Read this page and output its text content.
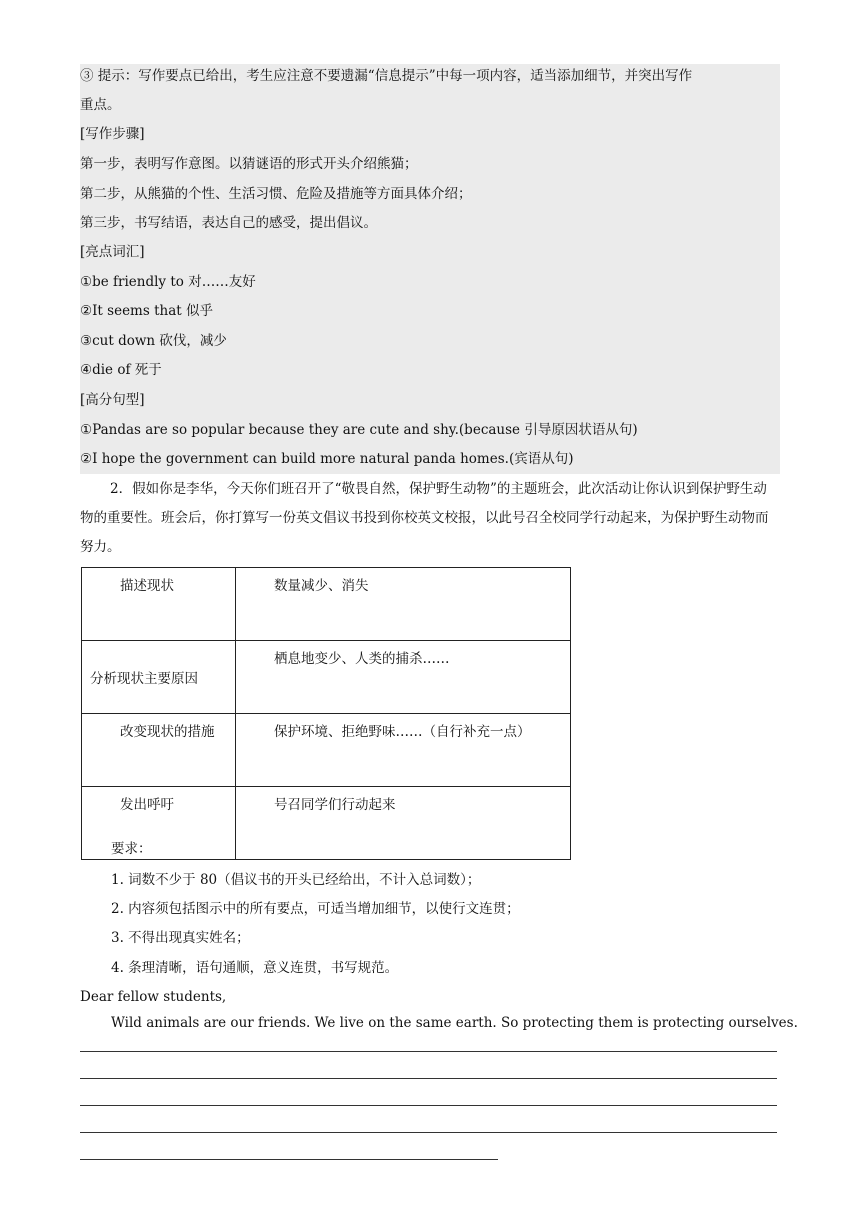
③ 提示：写作要点已给出，考生应注意不要遗漏“信息提示”中每一项内容，适当添加细节，并突出写作
重点。
[写作步骤]
第一步，表明写作意图。以猜谜语的形式开头介绍熊猫；
第二步，从熊猫的个性、生活习惯、危险及措施等方面具体介绍；
第三步，书写结语，表达自己的感受，提出倡议。
[亮点词汇]
①be friendly to 对……友好
②It seems that 似乎
③cut down 砍伐，减少
④die of 死于
[高分句型]
①Pandas are so popular because they are cute and shy.(because 引导原因状语从句)
②I hope the government can build more natural panda homes.(宾语从句)
2．假如你是李华，今天你们班召开了“敬畏自然，保护野生动物”的主题班会，此次活动让你认识到保护野生动物的重要性。班会后，你打算写一份英文倡议书投到你校英文校报，以此号召全校同学行动起来，为保护野生动物而努力。
描述现状	数量减少、消失
分析现状主要原因	栖息地变少、人类的捕杀……
改变现状的措施	保护环境、拒绝野味……（自行补充一点）
发出呼吁	号召同学们行动起来
要求：
1. 词数不少于 80（倡议书的开头已经给出，不计入总词数）；
2. 内容须包括图示中的所有要点，可适当增加细节，以使行文连贯；
3. 不得出现真实姓名；
4. 条理清晰，语句通顺，意义连贯，书写规范。
Dear fellow students,
Wild animals are our friends. We live on the same earth. So protecting them is protecting ourselves.
